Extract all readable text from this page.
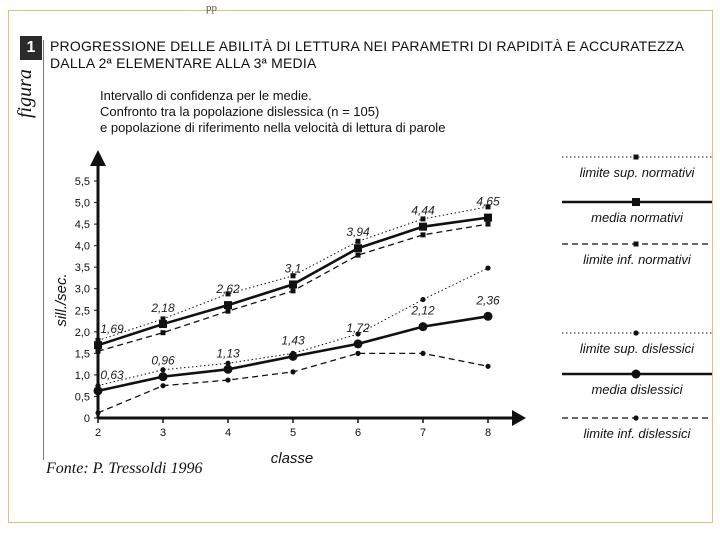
pp
1
figura
PROGRESSIONE DELLE ABILITÀ DI LETTURA NEI PARAMETRI DI RAPIDITÀ E ACCURATEZZA
DALLA 2ª ELEMENTARE ALLA 3ª MEDIA
Intervallo di confidenza per le medie.
Confronto tra la popolazione dislessica (n = 105)
e popolazione di riferimento nella velocità di lettura di parole
0
0,5
1,0
1,5
2,0
2,5
3,0
3,5
4,0
4,5
5,0
5,5
2	3	4	5	6	7	8
classe
sill./sec.
1,69
2,18
2,62
3,1
3,94
4,44
4,65
0,63
0,96
1,13
1,43
1,72
2,12
2,36
limite sup. normativi
media normativi
limite inf. normativi
limite sup. dislessici
media dislessici
limite inf. dislessici
Fonte: P. Tressoldi 1996
